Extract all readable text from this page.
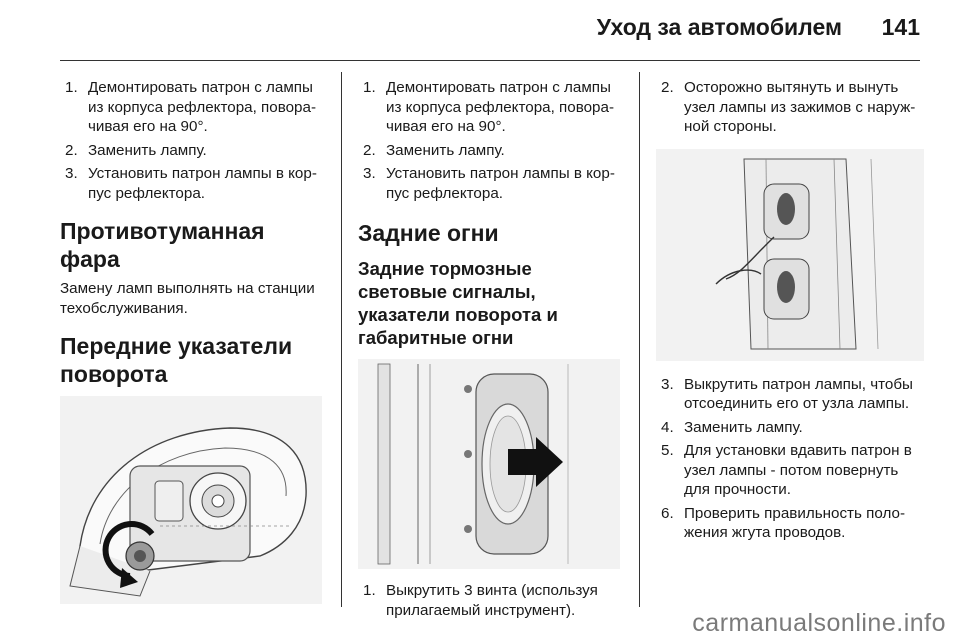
Уход за автомобилем 141
1. Демонтировать патрон с лампы из корпуса рефлектора, поворачивая его на 90°.
2. Заменить лампу.
3. Установить патрон лампы в корпус рефлектора.
Противотуманная фара

Замену ламп выполнять на станции техобслуживания.

Передние указатели поворота
1. Демонтировать патрон с лампы из корпуса рефлектора, поворачивая его на 90°.
2. Заменить лампу.
3. Установить патрон лампы в корпус рефлектора.
Задние огни
Задние тормозные световые сигналы, указатели поворота и габаритные огни
1. Выкрутить 3 винта (используя прилагаемый инструмент).
2. Осторожно вытянуть и вынуть узел лампы из зажимов с наружной стороны.
3. Выкрутить патрон лампы, чтобы отсоединить его от узла лампы.
4. Заменить лампу.
5. Для установки вдавить патрон в узел лампы - потом повернуть для прочности.
6. Проверить правильность положения жгута проводов.
carmanualsonline.info
